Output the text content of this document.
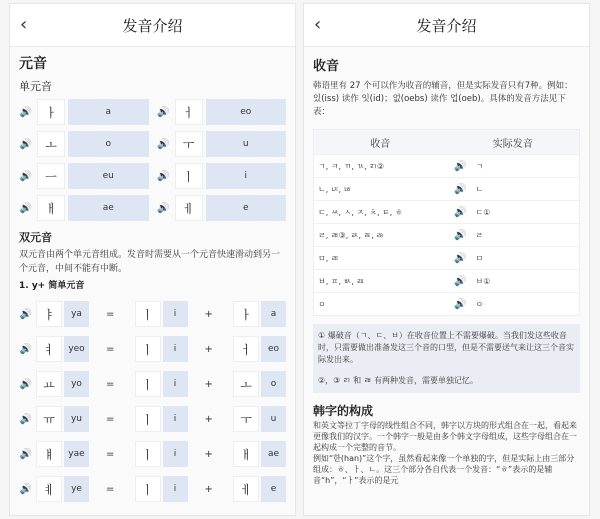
‹	发音介绍
元音
单元音
🔊	ㅏ	a	🔊	ㅓ	eo
🔊	ㅗ	o	🔊	ㅜ	u
🔊	ㅡ	eu	🔊	ㅣ	i
🔊	ㅐ	ae	🔊	ㅔ	e
双元音
双元音由两个单元音组成。发音时需要从一个元音快速滑动到另一个元音，中间不能有中断。
1. y+ 简单元音
🔊 ㅑ	ya	=	ㅣ	i	+	ㅏ	a
🔊 ㅕ	yeo	=	ㅣ	i	+	ㅓ	eo
🔊 ㅛ	yo	=	ㅣ	i	+	ㅗ	o
🔊 ㅠ	yu	=	ㅣ	i	+	ㅜ	u
🔊 ㅒ	yae	=	ㅣ	i	+	ㅐ	ae
🔊 ㅖ	ye	=	ㅣ	i	+	ㅔ	e
‹	发音介绍
收音
韩语里有 27 个可以作为收音的辅音，但是实际发音只有7种。例如：있(iss) 读作 잇(id)；없(oebs) 读作 업(oeb)。具体的发音方法见下表：
收音	实际发音
ㄱ, ㅋ, ㄲ, ㄳ, ㄺ②	🔊 ㄱ
ㄴ, ㄵ, ㄶ	🔊 ㄴ
ㄷ, ㅆ, ㅅ, ㅈ, ㅊ, ㅌ, ㅎ	🔊 ㄷ①
ㄹ, ㄼ③, ㄽ, ㄾ, ㅀ	🔊 ㄹ
ㅁ, ㄻ	🔊 ㅁ
ㅂ, ㅍ, ㅄ, ㄿ	🔊 ㅂ①
ㅇ	🔊 ㅇ

① 爆破音（ㄱ、ㄷ、ㅂ）在收音位置上不需要爆破。当我们发这些收音时，只需要做出准备发这三个音的口型，但是不需要送气来让这三个音实际发出来。

②，③ ㄺ 和 ㄼ 有两种发音，需要单独记忆。

韩字的构成
和英文等拉丁字母的线性组合不同，韩字以方块的形式组合在一起，看起来更像我们的汉字。一个韩字一般是由多个韩文字母组成，这些字母组合在一起构成一个完整的音节。
例如“한(han)”这个字，虽然看起来像一个单独的字，但是实际上由三部分组成：ㅎ、ㅏ、ㄴ。这三个部分各自代表一个发音：“ㅎ”表示的是辅音“h”，“ㅏ”表示的是元
